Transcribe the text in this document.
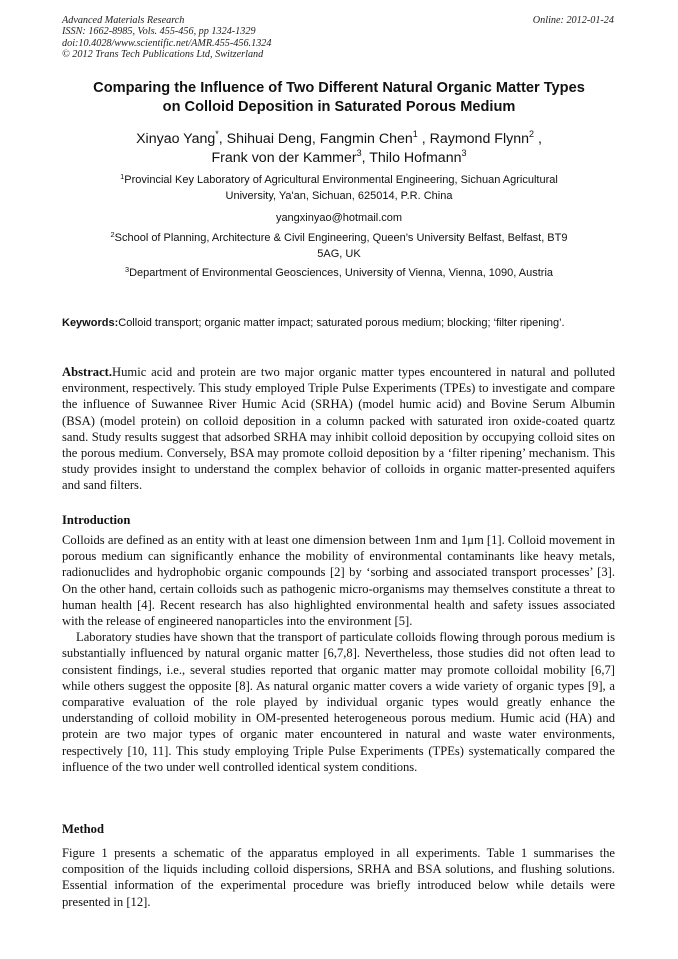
Advanced Materials Research
ISSN: 1662-8985, Vols. 455-456, pp 1324-1329
doi:10.4028/www.scientific.net/AMR.455-456.1324
© 2012 Trans Tech Publications Ltd, Switzerland
Online: 2012-01-24
Comparing the Influence of Two Different Natural Organic Matter Types
on Colloid Deposition in Saturated Porous Medium
Xinyao Yang*, Shihuai Deng, Fangmin Chen$^1$ , Raymond Flynn$^2$ ,
Frank von der Kammer$^3$, Thilo Hofmann$^3$
$^1$Provincial Key Laboratory of Agricultural Environmental Engineering, Sichuan Agricultural
University, Ya'an, Sichuan, 625014, P.R. China
yangxinyao@hotmail.com
$^2$School of Planning, Architecture & Civil Engineering, Queen’s University Belfast, Belfast, BT9
5AG, UK
$^3$Department of Environmental Geosciences, University of Vienna, Vienna, 1090, Austria
Keywords:Colloid transport; organic matter impact; saturated porous medium; blocking; ‘filter ripening’.
Abstract.Humic acid and protein are two major organic matter types encountered in natural and polluted environment, respectively. This study employed Triple Pulse Experiments (TPEs) to investigate and compare the influence of Suwannee River Humic Acid (SRHA) (model humic acid) and Bovine Serum Albumin (BSA) (model protein) on colloid deposition in a column packed with saturated iron oxide-coated quartz sand. Study results suggest that adsorbed SRHA may inhibit colloid deposition by occupying colloid sites on the porous medium. Conversely, BSA may promote colloid deposition by a ‘filter ripening’ mechanism. This study provides insight to understand the complex behavior of colloids in organic matter-presented aquifers and sand filters.
Introduction

Colloids are defined as an entity with at least one dimension between 1nm and 1μm [1]. Colloid movement in porous medium can significantly enhance the mobility of environmental contaminants like heavy metals, radionuclides and hydrophobic organic compounds [2] by ‘sorbing and associated transport processes’ [3]. On the other hand, certain colloids such as pathogenic micro-organisms may themselves constitute a threat to human health [4]. Recent research has also highlighted environmental health and safety issues associated with the release of engineered nanoparticles into the environment [5].

Laboratory studies have shown that the transport of particulate colloids flowing through porous medium is substantially influenced by natural organic matter [6,7,8]. Nevertheless, those studies did not often lead to consistent findings, i.e., several studies reported that organic matter may promote colloidal mobility [6,7] while others suggest the opposite [8]. As natural organic matter covers a wide variety of organic types [9], a comparative evaluation of the role played by individual organic types would greatly enhance the understanding of colloid mobility in OM-presented heterogeneous porous medium. Humic acid (HA) and protein are two major types of organic mater encountered in natural and waste water environments, respectively [10, 11]. This study employing Triple Pulse Experiments (TPEs) systematically compared the influence of the two under well controlled identical system conditions.

Method

Figure 1 presents a schematic of the apparatus employed in all experiments. Table 1 summarises the composition of the liquids including colloid dispersions, SRHA and BSA solutions, and flushing solutions. Essential information of the experimental procedure was briefly introduced below while details were presented in [12].
